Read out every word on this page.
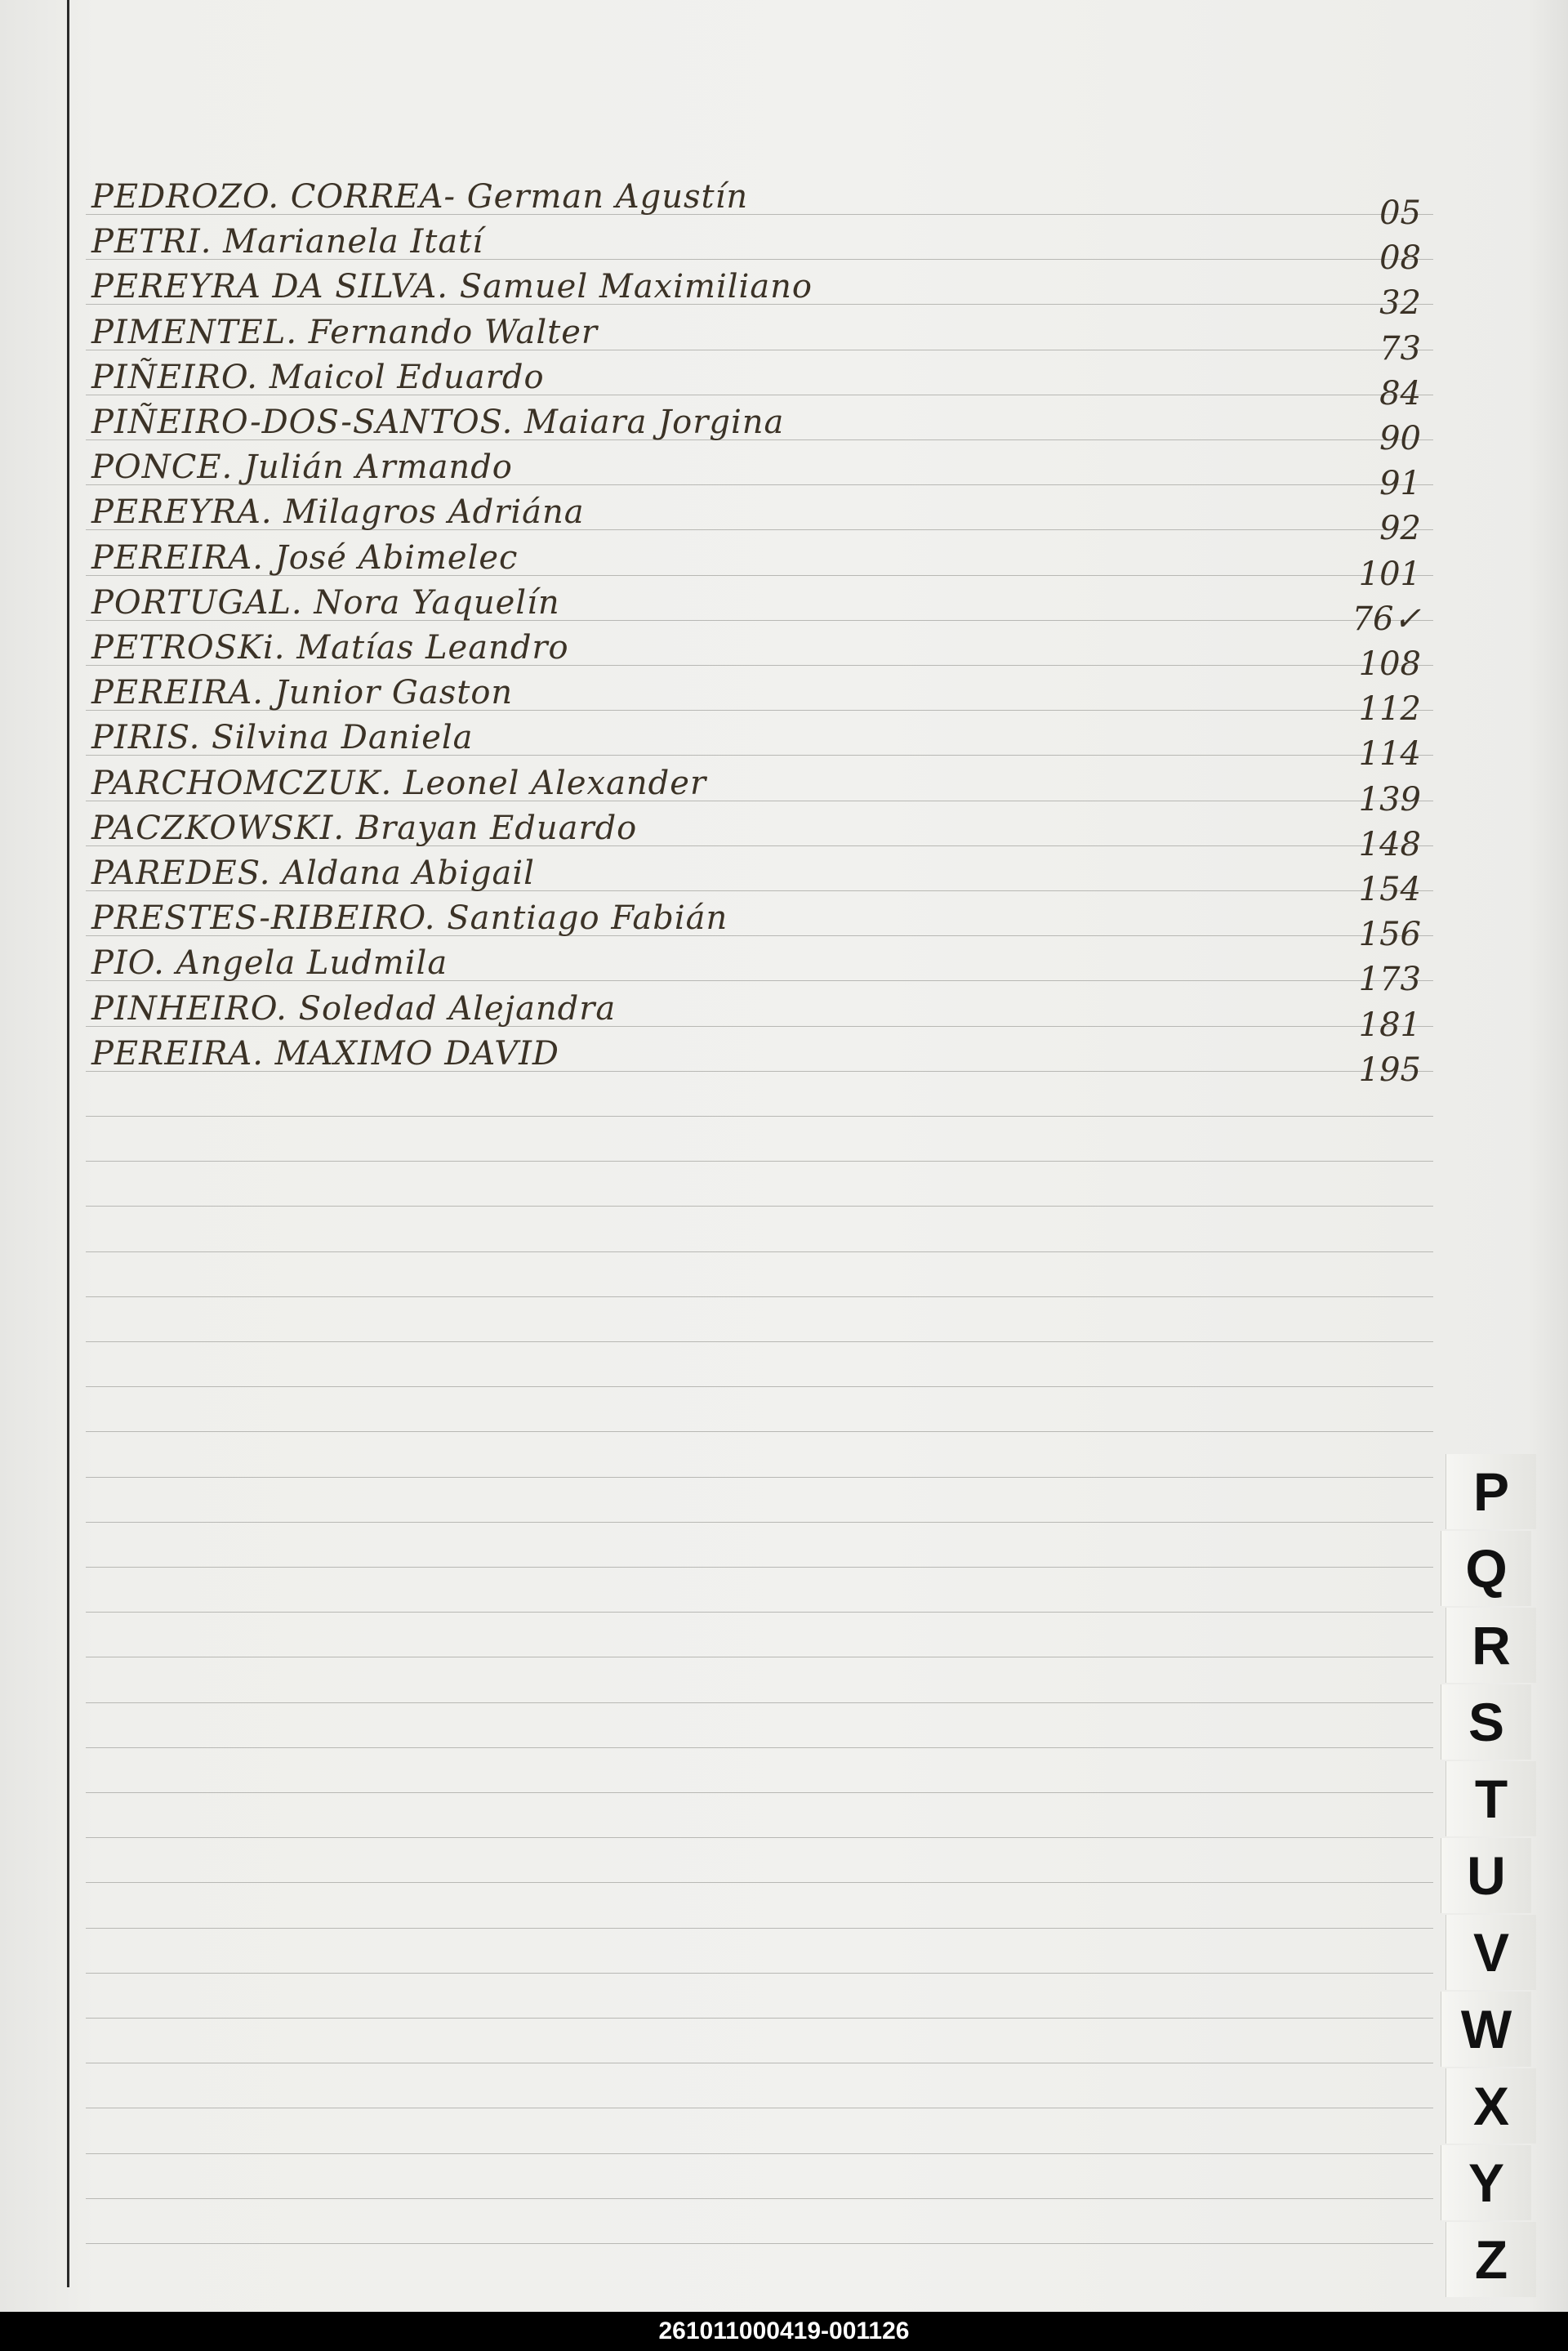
PEDROZO. CORREA- German Agustín	05
PETRI. Marianela Itatí	08
PEREYRA DA SILVA. Samuel Maximiliano	32
PIMENTEL. Fernando Walter	73
PIÑEIRO. Maicol Eduardo	84
PIÑEIRO-DOS-SANTOS. Maiara Jorgina	90
PONCE. Julián Armando	91
PEREYRA. Milagros Adriána	92
PEREIRA. José Abimelec	101
PORTUGAL. Nora Yaquelín	76✓
PETROSKi. Matías Leandro	108
PEREIRA. Junior Gaston	112
PIRIS. Silvina Daniela	114
PARCHOMCZUK. Leonel Alexander	139
PACZKOWSKI. Brayan Eduardo	148
PAREDES. Aldana Abigail	154
PRESTES-RIBEIRO. Santiago Fabián	156
PIO. Angela Ludmila	173
PINHEIRO. Soledad Alejandra	181
PEREIRA. MAXIMO DAVID	195
P
Q
R
S
T
U
V
W
X
Y
Z
261011000419-001126
